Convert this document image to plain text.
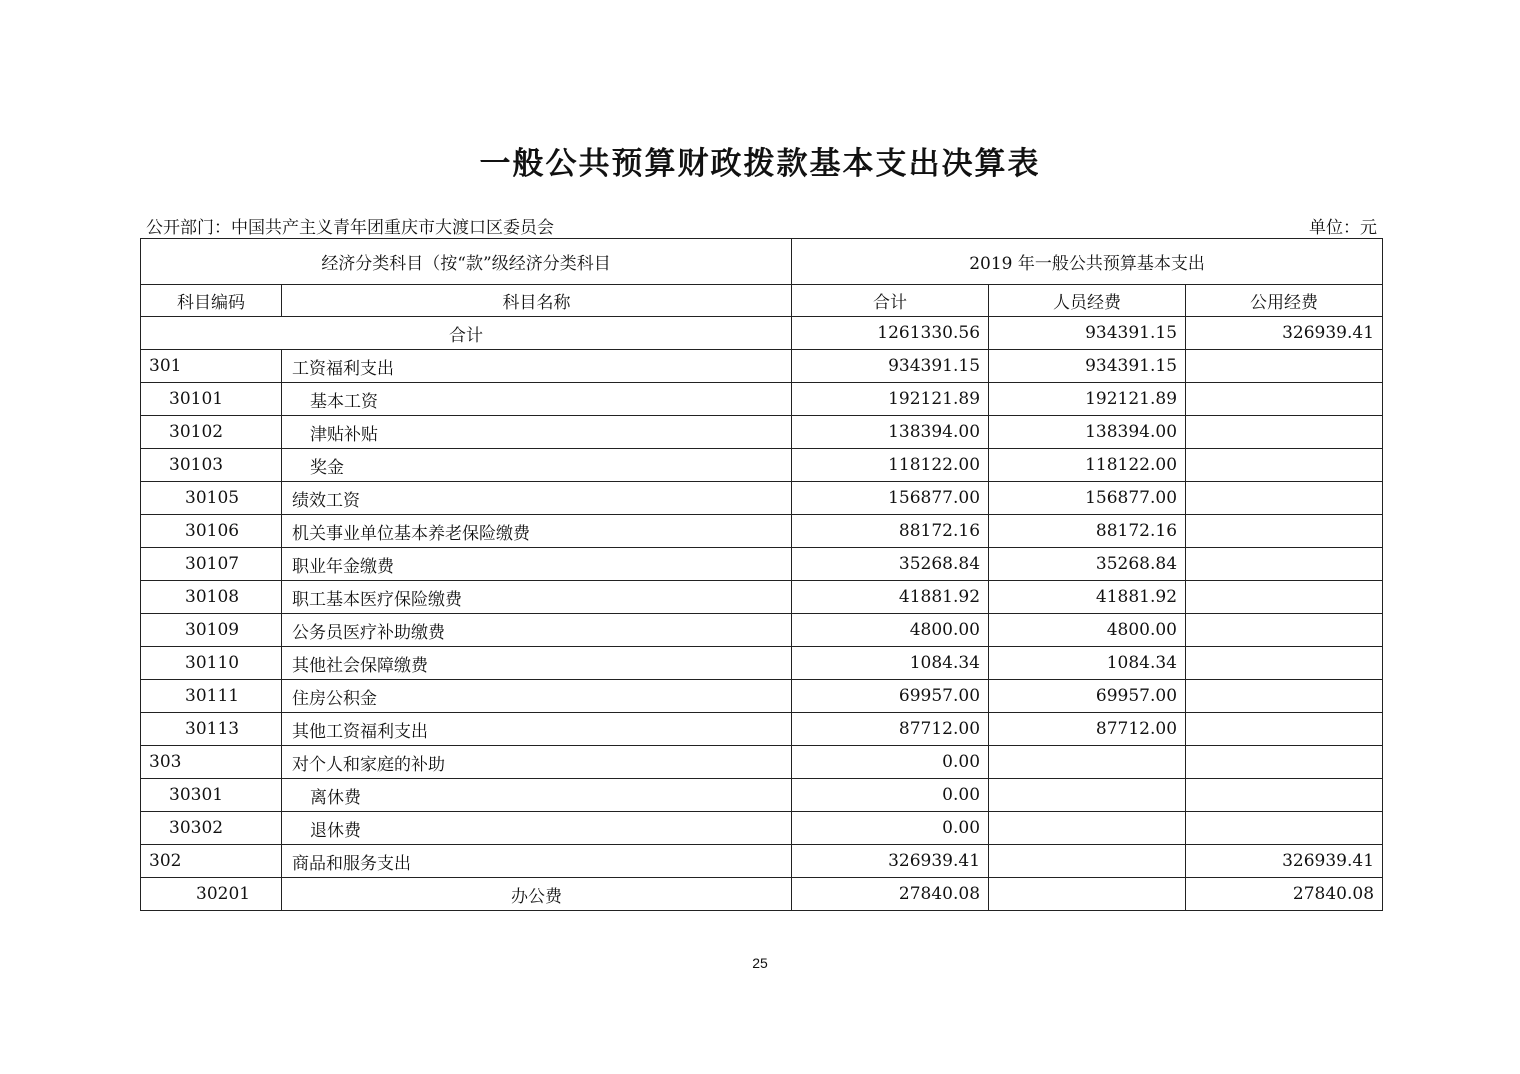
一般公共预算财政拨款基本支出决算表
公开部门：中国共产主义青年团重庆市大渡口区委员会	单位：元
经济分类科目（按“款”级经济分类科目		2019 年一般公共预算基本支出		
科目编码	科目名称	合计	人员经费	公用经费
合计		1261330.56	934391.15	326939.41
301	工资福利支出	934391.15	934391.15	
30101	基本工资	192121.89	192121.89	
30102	津贴补贴	138394.00	138394.00	
30103	奖金	118122.00	118122.00	
30105	绩效工资	156877.00	156877.00	
30106	机关事业单位基本养老保险缴费	88172.16	88172.16	
30107	职业年金缴费	35268.84	35268.84	
30108	职工基本医疗保险缴费	41881.92	41881.92	
30109	公务员医疗补助缴费	4800.00	4800.00	
30110	其他社会保障缴费	1084.34	1084.34	
30111	住房公积金	69957.00	69957.00	
30113	其他工资福利支出	87712.00	87712.00	
303	对个人和家庭的补助	0.00		
30301	离休费	0.00		
30302	退休费	0.00		
302	商品和服务支出	326939.41		326939.41
30201	办公费	27840.08		27840.08
25
